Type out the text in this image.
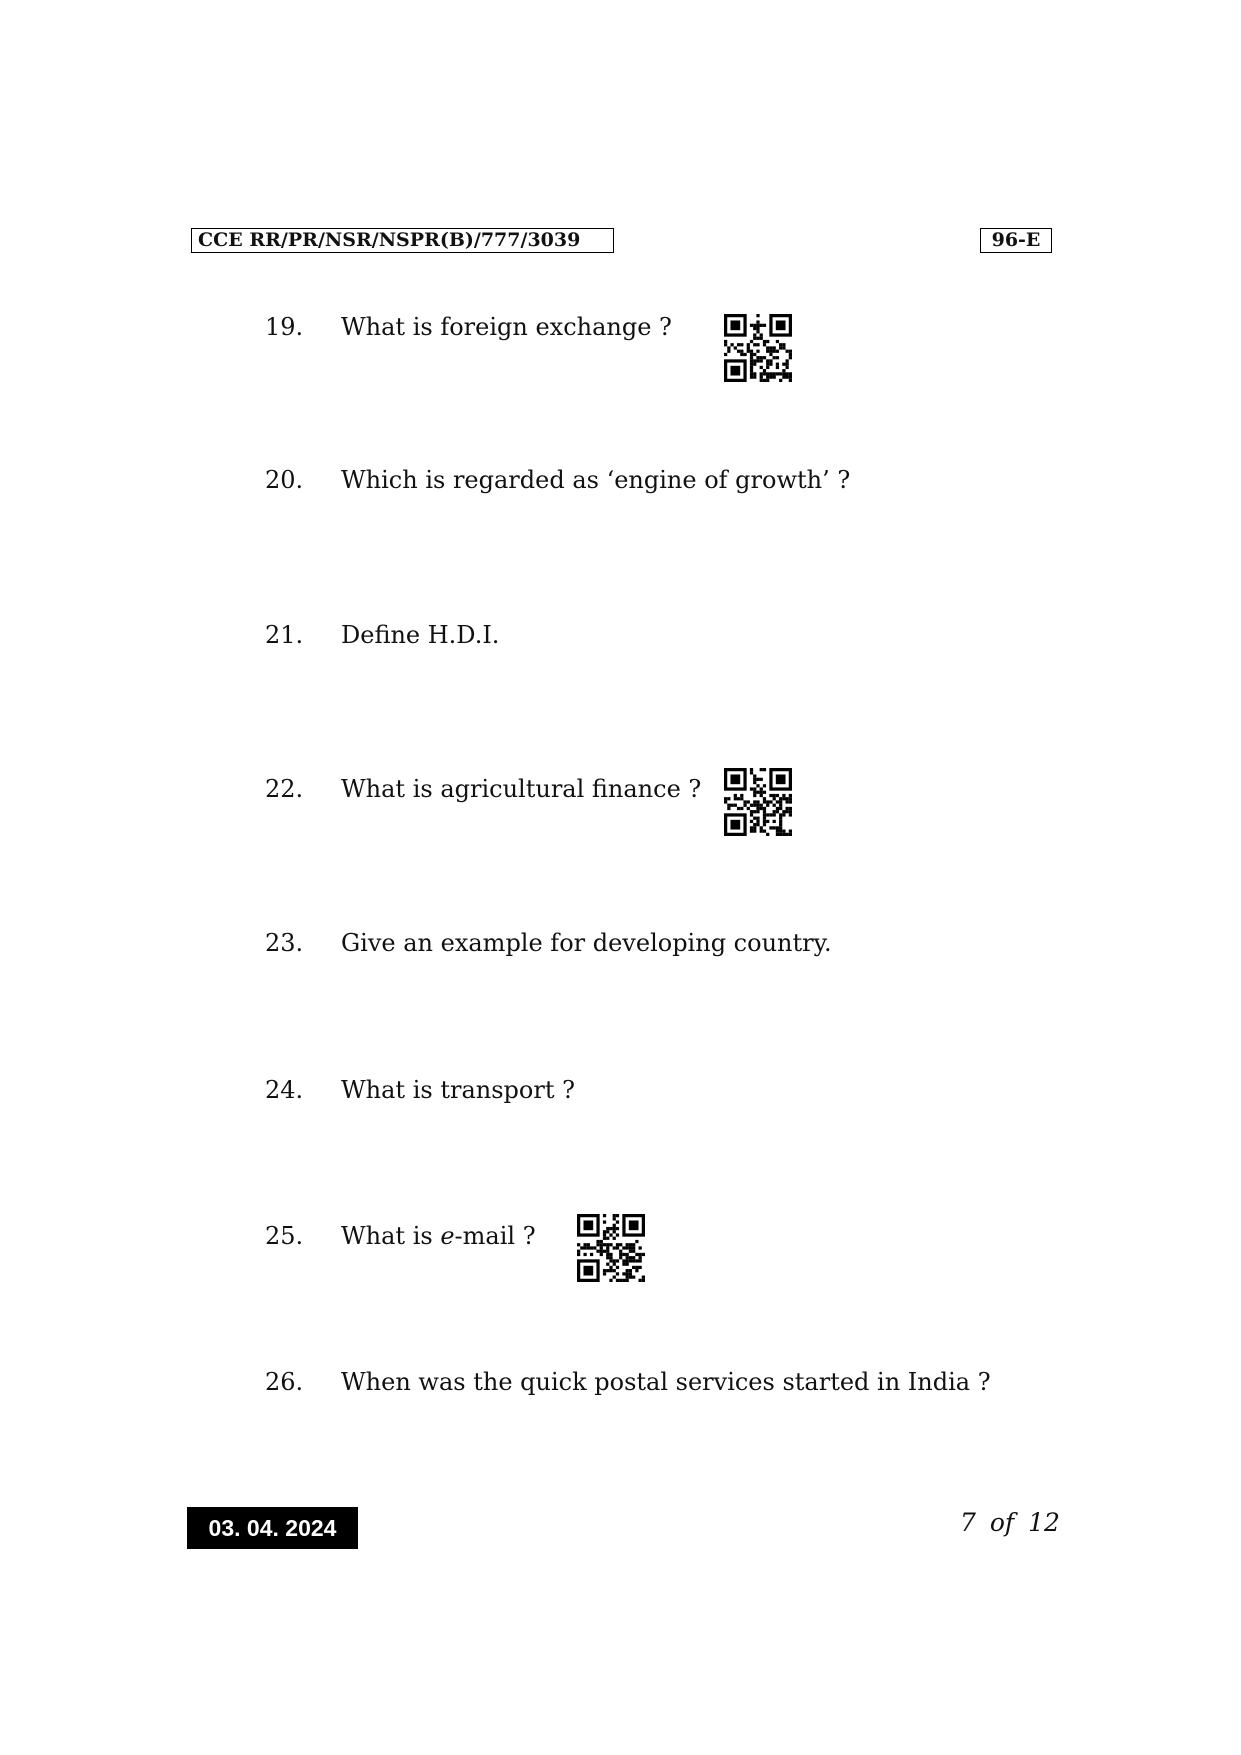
CCE RR/PR/NSR/NSPR(B)/777/3039	96-E
19. What is foreign exchange ?
20. Which is regarded as ‘engine of growth’ ?
21. Define H.D.I.
22. What is agricultural finance ?
23. Give an example for developing country.
24. What is transport ?
25. What is e-mail ?
26. When was the quick postal services started in India ?
03. 04. 2024	7 of 12
